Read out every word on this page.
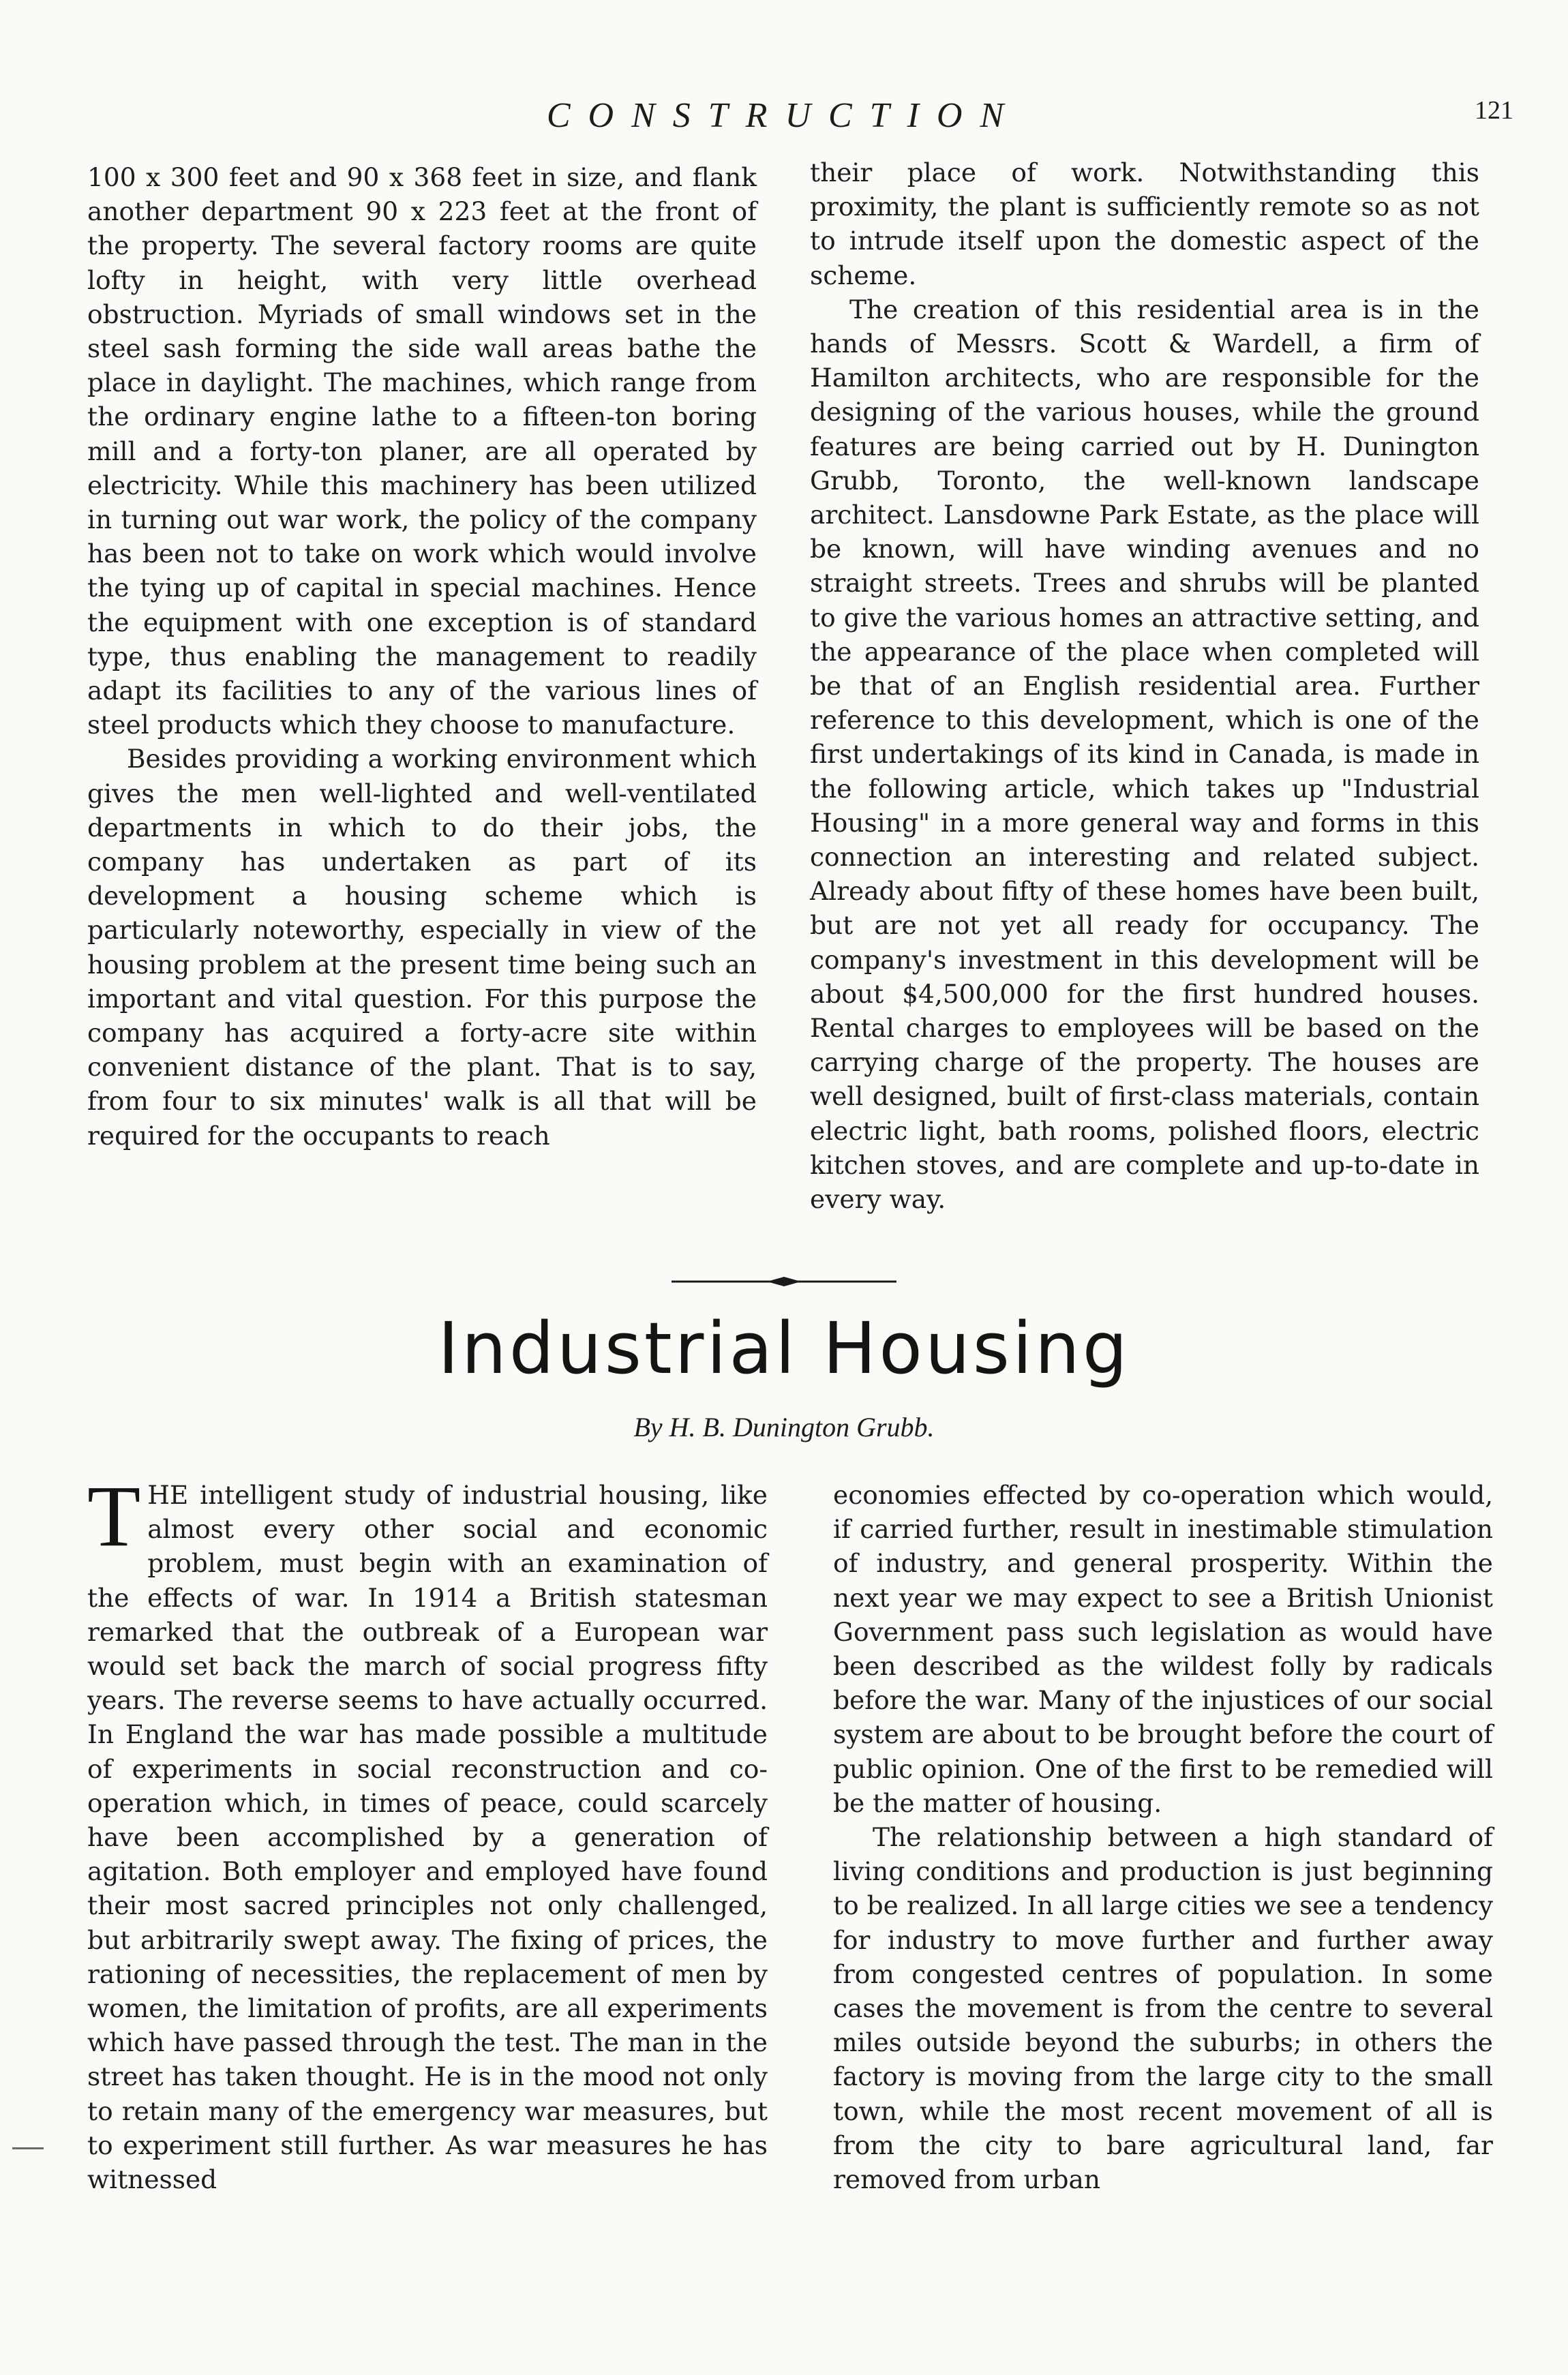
CONSTRUCTION	121

100 x 300 feet and 90 x 368 feet in size, and flank another department 90 x 223 feet at the front of the property. The several factory rooms are quite lofty in height, with very little overhead obstruction. Myriads of small windows set in the steel sash forming the side wall areas bathe the place in daylight. The machines, which range from the ordinary engine lathe to a fifteen-ton boring mill and a forty-ton planer, are all operated by electricity. While this machinery has been utilized in turning out war work, the policy of the company has been not to take on work which would involve the tying up of capital in special machines. Hence the equipment with one exception is of standard type, thus enabling the management to readily adapt its facilities to any of the various lines of steel products which they choose to manufacture.

Besides providing a working environment which gives the men well-lighted and well-ventilated departments in which to do their jobs, the company has undertaken as part of its development a housing scheme which is particularly noteworthy, especially in view of the housing problem at the present time being such an important and vital question. For this purpose the company has acquired a forty-acre site within convenient distance of the plant. That is to say, from four to six minutes' walk is all that will be required for the occupants to reach

their place of work. Notwithstanding this proximity, the plant is sufficiently remote so as not to intrude itself upon the domestic aspect of the scheme.

The creation of this residential area is in the hands of Messrs. Scott & Wardell, a firm of Hamilton architects, who are responsible for the designing of the various houses, while the ground features are being carried out by H. Dunington Grubb, Toronto, the well-known landscape architect. Lansdowne Park Estate, as the place will be known, will have winding avenues and no straight streets. Trees and shrubs will be planted to give the various homes an attractive setting, and the appearance of the place when completed will be that of an English residential area. Further reference to this development, which is one of the first undertakings of its kind in Canada, is made in the following article, which takes up "Industrial Housing" in a more general way and forms in this connection an interesting and related subject. Already about fifty of these homes have been built, but are not yet all ready for occupancy. The company's investment in this development will be about $4,500,000 for the first hundred houses. Rental charges to employees will be based on the carrying charge of the property. The houses are well designed, built of first-class materials, contain electric light, bath rooms, polished floors, electric kitchen stoves, and are complete and up-to-date in every way.

Industrial Housing
By H. B. Dunington Grubb.

THE intelligent study of industrial housing, like almost every other social and economic problem, must begin with an examination of the effects of war. In 1914 a British statesman remarked that the outbreak of a European war would set back the march of social progress fifty years. The reverse seems to have actually occurred. In England the war has made possible a multitude of experiments in social reconstruction and co-operation which, in times of peace, could scarcely have been accomplished by a generation of agitation. Both employer and employed have found their most sacred principles not only challenged, but arbitrarily swept away. The fixing of prices, the rationing of necessities, the replacement of men by women, the limitation of profits, are all experiments which have passed through the test. The man in the street has taken thought. He is in the mood not only to retain many of the emergency war measures, but to experiment still further. As war measures he has witnessed

economies effected by co-operation which would, if carried further, result in inestimable stimulation of industry, and general prosperity. Within the next year we may expect to see a British Unionist Government pass such legislation as would have been described as the wildest folly by radicals before the war. Many of the injustices of our social system are about to be brought before the court of public opinion. One of the first to be remedied will be the matter of housing.

The relationship between a high standard of living conditions and production is just beginning to be realized. In all large cities we see a tendency for industry to move further and further away from congested centres of population. In some cases the movement is from the centre to several miles outside beyond the suburbs; in others the factory is moving from the large city to the small town, while the most recent movement of all is from the city to bare agricultural land, far removed from urban
